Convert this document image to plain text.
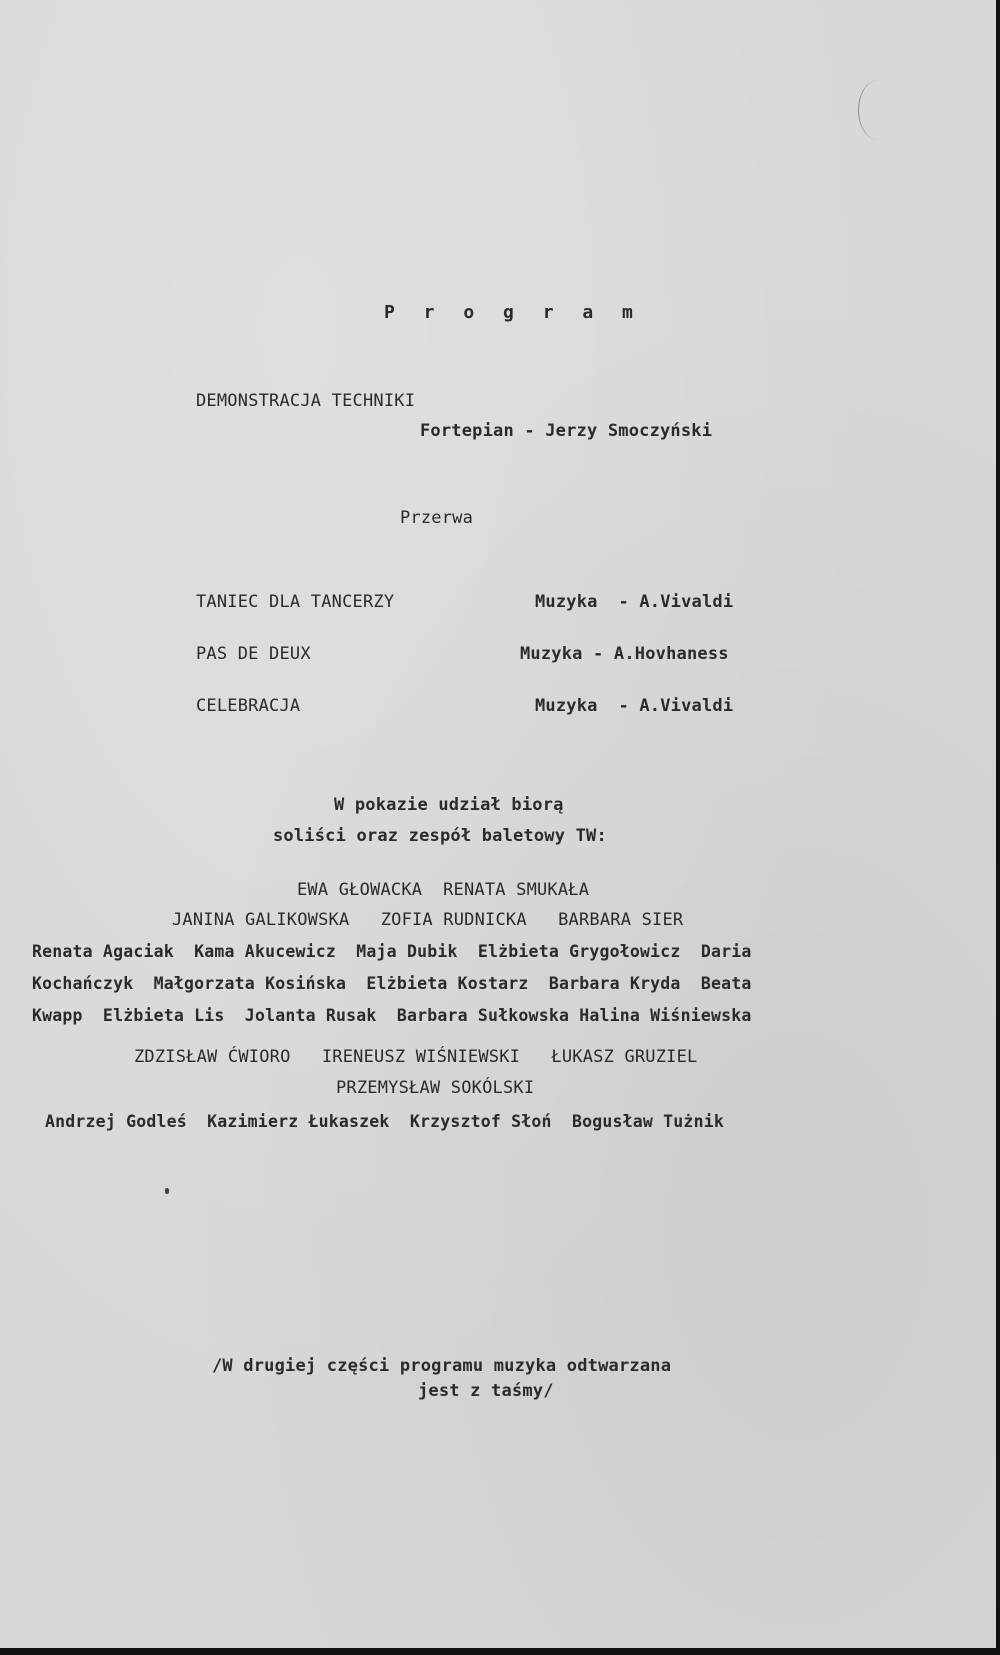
P r o g r a m
DEMONSTRACJA TECHNIKI
Fortepian - Jerzy Smoczyński
Przerwa
TANIEC DLA TANCERZY	Muzyka  - A.Vivaldi
PAS DE DEUX	Muzyka - A.Hovhaness
CELEBRACJA	Muzyka  - A.Vivaldi
W pokazie udział biorą
soliści oraz zespół baletowy TW:
EWA GŁOWACKA  RENATA SMUKAŁA
JANINA GALIKOWSKA   ZOFIA RUDNICKA   BARBARA SIER
Renata Agaciak  Kama Akucewicz  Maja Dubik  Elżbieta Grygołowicz  Daria
Kochańczyk  Małgorzata Kosińska  Elżbieta Kostarz  Barbara Kryda  Beata
Kwapp  Elżbieta Lis  Jolanta Rusak  Barbara Sułkowska Halina Wiśniewska
ZDZISŁAW ĆWIORO   IRENEUSZ WIŚNIEWSKI   ŁUKASZ GRUZIEL
PRZEMYSŁAW SOKÓLSKI
Andrzej Godleś  Kazimierz Łukaszek  Krzysztof Słoń  Bogusław Tużnik
/W drugiej części programu muzyka odtwarzana
jest z taśmy/
